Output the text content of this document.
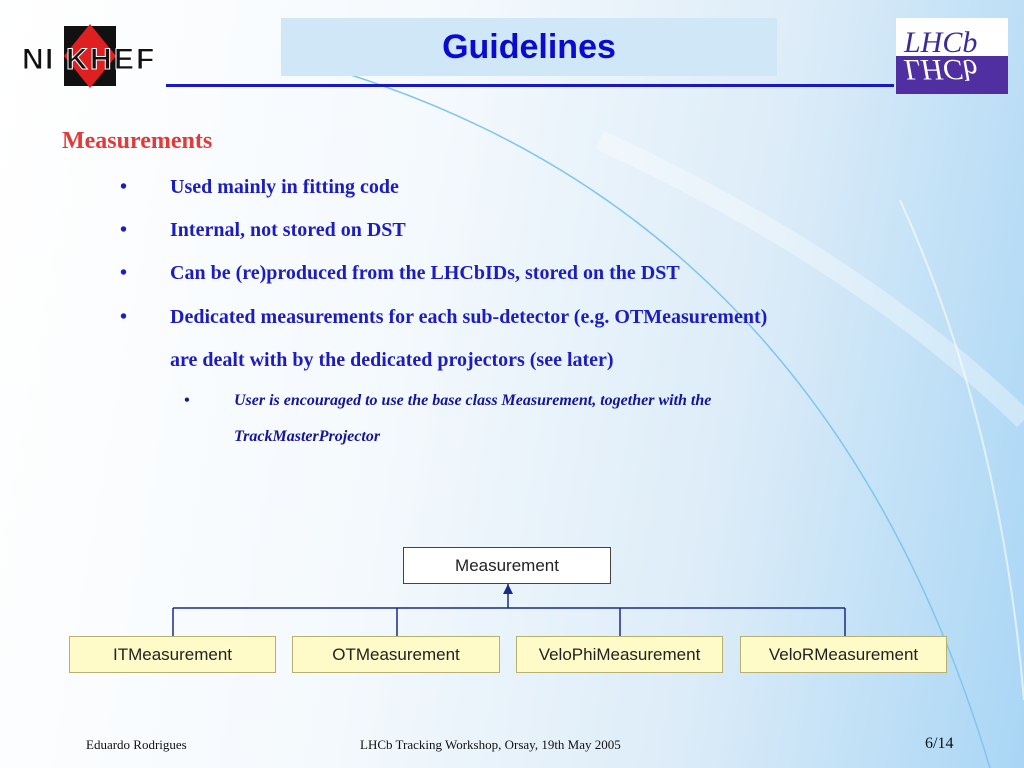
N I K H E F
LHCb
LHCb
Guidelines
Measurements
• Used mainly in fitting code
• Internal, not stored on DST
• Can be (re)produced from the LHCbIDs, stored on the DST
• Dedicated measurements for each sub-detector (e.g. OTMeasurement)
are dealt with by the dedicated projectors (see later)
•	User is encouraged to use the base class Measurement, together with the
TrackMasterProjector
Measurement
ITMeasurement	OTMeasurement	VeloPhiMeasurement	VeloRMeasurement
Eduardo Rodrigues	LHCb Tracking Workshop, Orsay, 19th May 2005	6/14
